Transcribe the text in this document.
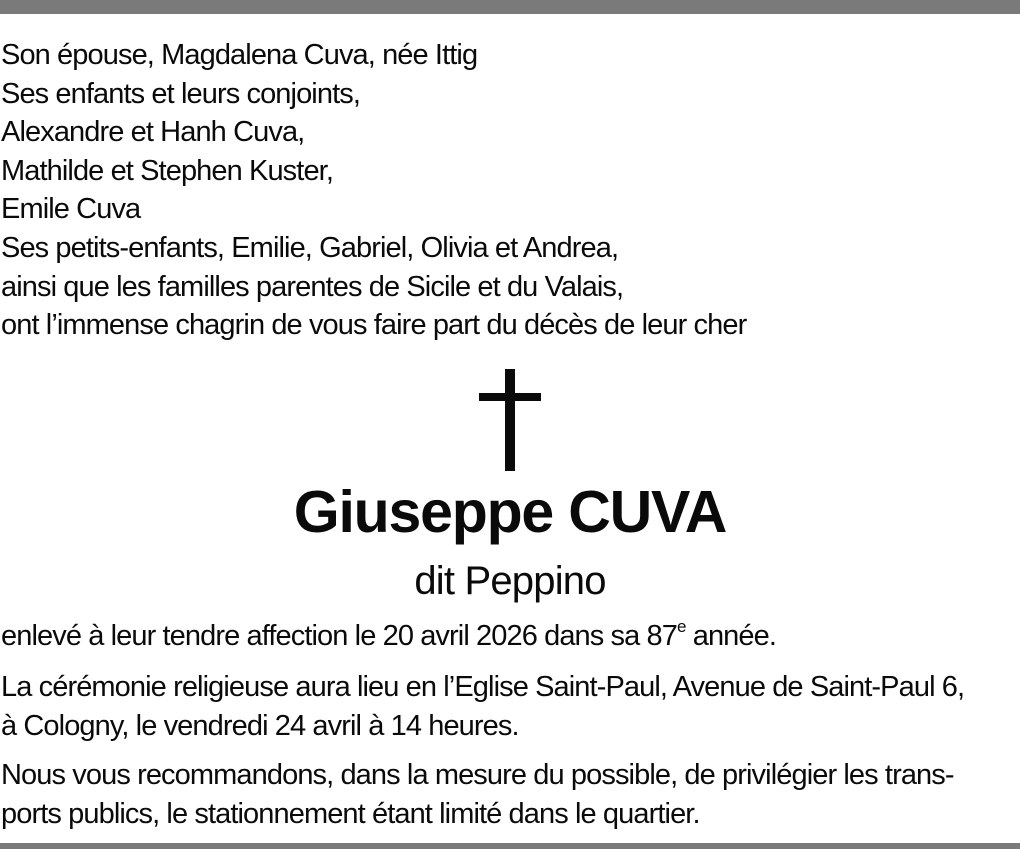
Son épouse, Magdalena Cuva, née Ittig
Ses enfants et leurs conjoints,
Alexandre et Hanh Cuva,
Mathilde et Stephen Kuster,
Emile Cuva
Ses petits-enfants, Emilie, Gabriel, Olivia et Andrea,
ainsi que les familles parentes de Sicile et du Valais,
ont l’immense chagrin de vous faire part du décès de leur cher
Giuseppe CUVA
dit Peppino
enlevé à leur tendre affection le 20 avril 2026 dans sa 87e année.
La cérémonie religieuse aura lieu en l’Eglise Saint-Paul, Avenue de Saint-Paul 6,
à Cologny, le vendredi 24 avril à 14 heures.
Nous vous recommandons, dans la mesure du possible, de privilégier les trans-
ports publics, le stationnement étant limité dans le quartier.
